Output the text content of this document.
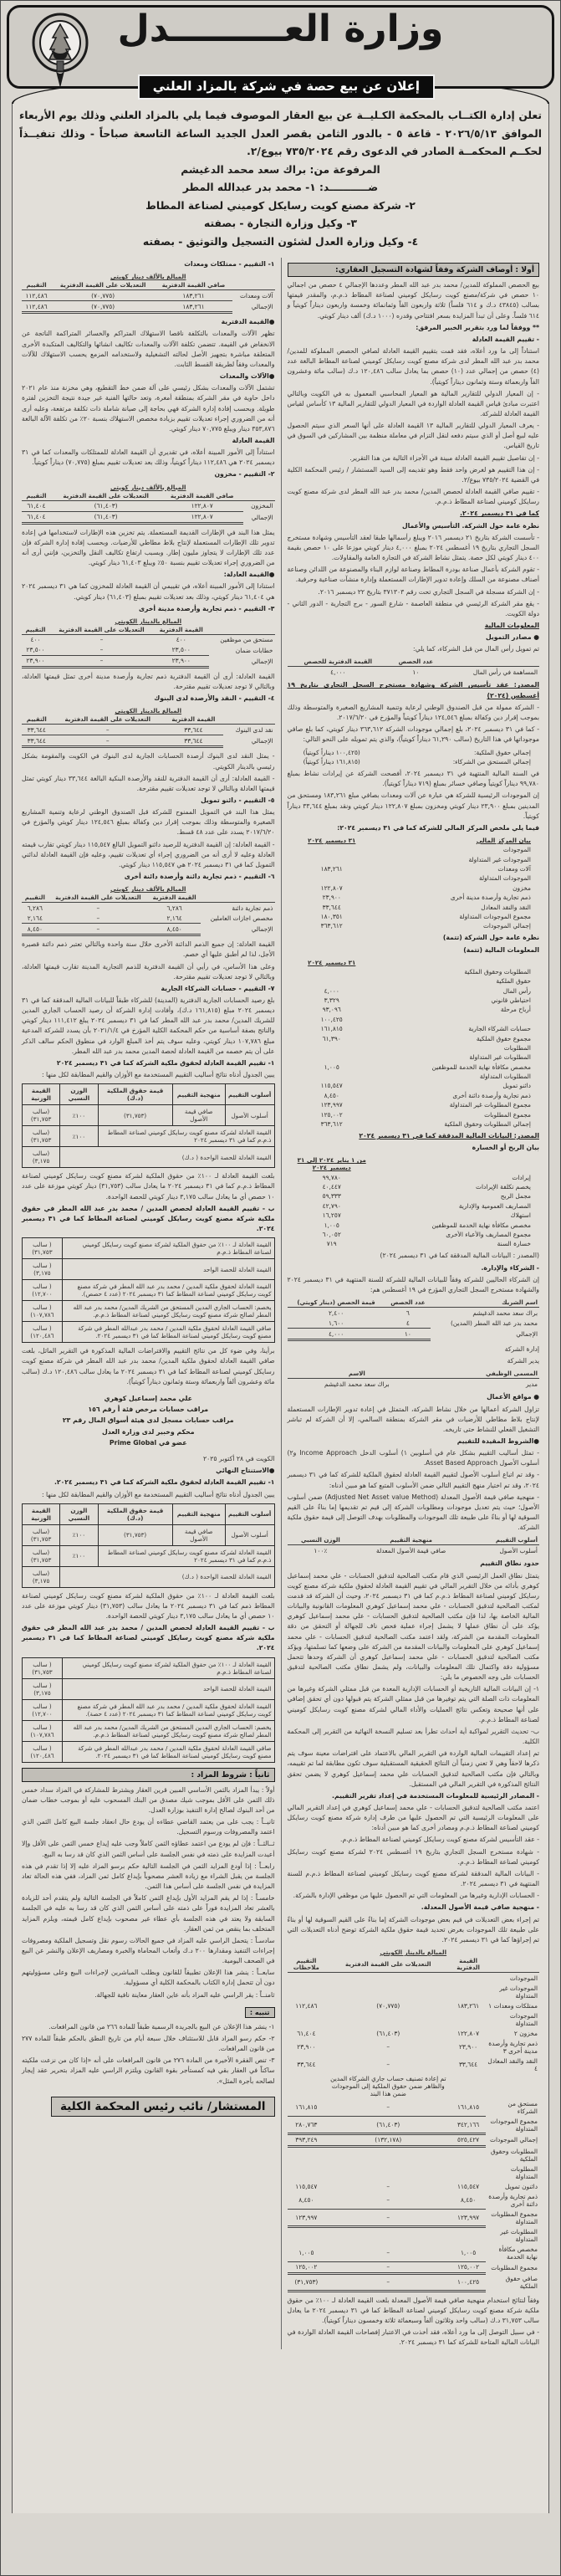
وزارة العـــــــــدل
إعلان عن بيع حصة في شركة بالمزاد العلني

تعلن إدارة الكتــاب بالمحكمة الكـليــة عن بيع العقار الموصوف فيما يلي بالمزاد العلني وذلك يوم الأربعاء الموافق ٢٠٢٦/٥/١٣ - قاعة ٥ - بالدور الثامن بقصر العدل الجديد الساعة التاسعة صباحاً - وذلك تنفيــذاً لحكــم المحكمــة الصادر في الدعوى رقم ٧٣٥/٢٠٢٤ بيوع/٢.

المرفوعة من: براك سعد محمد الدغيشم

ضـــــــــــد: ١- محمد بدر عبدالله المطر

٢- شركة مصنع كويت رسايكل كوميني لصناعة المطاط

٣- وكيل وزارة التجارة - بصفته

٤- وكيل وزارة العدل لشئون التسجيل والتوثيق - بصفته

أولا : أوصاف الشركة وفقاً لشهادة التسجيل العقاري:

بيع الحصص المملوكة للمدين/ محمد بدر عبد الله المطر وعددها الإجمالي ٤ حصص من اجمالي ١٠ حصص في شركة/مصنع كويت رسايكل كوميني لصناعة المطاط ذ.م.م، والمقدر قيمتها بسالب (٤٣٨٤٥ د.ك و ٦١٤ فلساً) ثلاثة واربعون الفاً وثمانمائة وخمسة واربعون ديناراً كويتياً و ٦١٤ فلساً. وعلى أن تبدأ المزايدة بسعر افتتاحي وقدره (١٠٠٠ د.ك) ألف دينار كويتي.

** ووفقاً لما ورد بتقرير الخبير المرفق:

- تقييم القيمة العادلة

استناداً إلى ما ورد أعلاه، فقد قمت بتقييم القيمة العادلة لصافي الحصص المملوكة للمدين/ محمد بدر عبد الله المطر لدى شركة مصنع كويت رسايكل كوميني لصناعة المطاط البالغة عدد (٤) حصص من إجمالي عدد (١٠) حصص بما يعادل سالب ١٢٠,٤٨٦ د.ك (سالب مائة وعشرون الفاً واربعمائة وستة وثمانون ديناراً كويتياً).

- إن المعيار الدولي للتقارير المالية هو المعيار المحاسبي المعمول به في الكويت وبالتالي اعتبرت مبادئ قياس القيمة العادلة الواردة في المعيار الدولي للتقارير المالية ١٣ كأساس لقياس القيمة العادلة للشركة.

- يعرف المعيار الدولي للتقارير المالية ١٣ القيمة العادلة على أنها السعر الذي سيتم الحصول عليه لبيع أصل أو الذي سيتم دفعه لنقل التزام في معاملة منظمة بين المشاركين في السوق في تاريخ القياس.

- إن تفاصيل تقييم القيمة العادلة مبينة في الأجزاء التالية من هذا التقرير.

- إن هذا التقييم هو لغرض واحد فقط وهو تقديمه إلى السيد المستشار / رئيس المحكمة الكلية في القضية ٧٣٥/٢٠٢٤ بيوع/٢.

- تقييم صافي القيمة العادلة لحصص المدين/ محمد بدر عبد الله المطر لدى شركة مصنع كويت رسايكل كوميني لصناعة المطاط ذ.م.م.

كما في ٣١ ديسمبر ٢٠٢٤.

نظرة عامة حول الشركة. التأسيس والأعمال

- تأسست الشركة بتاريخ ٢١ ديسمبر ٢٠١٦ ويبلغ رأسمالها طبقا لعقد التأسيس وشهادة مستخرج السجل التجاري بتاريخ ١٩ أغسطس ٢٠٢٤ بمبلغ ٤,٠٠٠ دينار كويتي موزعا على ١٠ حصص بقيمة ٤٠٠ دينار كويتي لكل حصة. يتمثل نشاط الشركة في التجارة العامة والمقاولات.

- تقوم الشركة بأعمال صناعة بودرة المطاط وصناعة لوازم البناء والمصنوعة من اللدائن وصناعة أصناف مصنوعة من السلك وإعادة تدوير الإطارات المستعملة وإدارة منشآت صناعية وحرفية.

- إن الشركة مسجلة في السجل التجاري تحت رقم ٣٧١٣٠٣ بتاريخ ٢٢ ديسمبر ٢٠١٦.

- يقع مقر الشركة الرئيسي في منطقة العاصمة - شارع السور - برج التجارية - الدور الثاني - دولة الكويت.

المعلومات المالية

● مصادر التمويل

تم تمويل رأس المال من قبل الشركاء، كما يلي:

	عدد الحصص	القيمة الدفترية للحصص
المساهمة في رأس المال	١٠	٤,٠٠٠

المصدر: عقد تأسيس الشركة وشهادة مستخرج السجل التجاري بتاريخ ١٩ أغسطس (٢٠٢٤)

- الشركة ممولة من قبل الصندوق الوطني لرعاية وتنمية المشاريع الصغيرة والمتوسطة وذلك بموجب إقرار دين وكفالة بمبلغ ١٢٤,٥٤٦ ديناراً كويتياً والمؤرخ في ٢٠١٧/٦/٢٠.

- كما في ٣١ ديسمبر ٢٠٢٤، بلغ إجمالي موجودات الشركة ٣٦٣,٦١٢ دينار كويتي، كما بلغ صافي موجوداتها في هذا التاريخ (سالب ٦١,٢٩٠ ديناراً كويتياً)، والذي يتم تمويله على النحو التالي:

إجمالي حقوق الملكية:	(١٠٠,٤٢٥ ديناراً كويتياً)
إجمالي المستحق من الشركاء:	(١٦١,٨١٥ ديناراً كويتياً)

في السنة المالية المنتهية في ٣١ ديسمبر ٢٠٢٤، أفصحت الشركة عن إيرادات نشاط بمبلغ ٩٩,٧٨٠ ديناراً كويتياً وصافي خسائر بمبلغ (٧١٩ ديناراً كويتياً).

إن الموجودات الرئيسية للشركة هي عبارة عن آلات ومعدات بصافي مبلغ ١٨٣,٢٦١ ومستحق من المدينين بمبلغ ٢٣,٩٠٠ دينار كويتي ومخزون بمبلغ ١٢٢,٨٠٧ دينار كويتي ونقد بمبلغ ٣٣,٦٤٤ ديناراً كويتياً.

فيما يلي ملخص المركز المالي للشركة كما في ٣١ ديسمبر ٢٠٢٤:

بيان المركز المالي	٣١ ديسمبر ٢٠٢٤
الموجودات	
الموجودات غير المتداولة	
آلات ومعدات	١٨٣,٢٦١
الموجودات المتداولة	
مخزون	١٢٢,٨٠٧
ذمم تجارية وأرصدة مدينة أخرى	٢٣,٩٠٠
النقد والنقد المعادل	٣٣,٦٤٤
مجموع الموجودات المتداولة	١٨٠,٣٥١
إجمالي الموجودات	٣٦٣,٦١٢

نظرة عامة حول الشركة (تتمة)

المعلومات المالية (تتمة)

	٣١ ديسمبر ٢٠٢٤
المطلوبات وحقوق الملكية	
حقوق الملكية	
رأس المال	٤,٠٠٠
احتياطي قانوني	٣,٣٢٩
أرباح مرحلة	٩٣,٠٩٦
	١٠٠,٤٢٥
حسابات الشركاء الجارية	١٦١,٨١٥
مجموع حقوق الملكية	٦١,٣٩٠
المطلوبات	
المطلوبات غير المتداولة	
مخصص مكافأة نهاية الخدمة للموظفين	١,٠٠٥
المطلوبات المتداولة	
دائنو تمويل	١١٥,٥٤٧
ذمم تجارية وأرصدة دائنة أخرى	٨,٤٥٠
مجموع المطلوبات غير المتداولة	١٢٣,٩٩٧
مجموع المطلوبات	١٢٥,٠٠٢
إجمالي المطلوبات وحقوق الملكية	٣٦٣,٦١٢

المصدر: البيانات المالية المدققة كما في ٣١ ديسمبر ٢٠٢٤

بيان الربح أو الخسارة

	من ١ يناير ٢٠٢٤ إلى ٣١ ديسمبر ٢٠٢٤
إيرادات	٩٩,٧٨٠
يخصم تكلفة الإيرادات	٤٠,٤٤٧
مجمل الربح	٥٩,٣٣٣
المصاريف العمومية والإدارية	٤٢,٧٩٠
استهلاك	١٦,٢٥٧
مخصص مكافأة نهاية الخدمة للموظفين	١,٠٠٥
مجموع المصاريف والأعباء الأخرى	٦٠,٠٥٢
خسارة السنة	٧١٩

(المصدر : البيانات المالية المدققة كما في ٣١ ديسمبر ٢٠٢٤)

- الشركاء والإدارة.

إن الشركاء الحاليين للشركة وفقاً للبيانات المالية للشركة للسنة المنتهية في ٣١ ديسمبر ٢٠٢٤ والشهادة مستخرج السجل التجاري المؤرخ في ١٩ أغسطس هم:

اسم الشريك	عدد الحصص	قيمة الحصص (دينار كويتي)
براك سعد محمد الدغيشم	٦	٢,٤٠٠
محمد بدر عبد الله المطر (المدين)	٤	١,٦٠٠
الإجمالي	١٠	٤,٠٠٠

إدارة الشركة

يدير الشركة

المسمى الوظيفي	الاسم
مدير	براك سعد محمد الدغيشم

● مواقع الأعمال

تزاول الشركة أعمالها من خلال نشاط الشركة، المتمثل في إعادة تدوير الإطارات المستعملة لإنتاج بلاط مطاطي للأرضيات في مقر الشركة بمنطقة السالمي، إلا أن الشركة لم تباشر التشغيل الفعلي للنشاط حتى تاريخه.

●الشروط المقيدة للتقييم

- تمثل أساليب التقييم بشكل عام في أسلوبين ١) أسلوب الدخل Income Approach و٢) أسلوب الأصول Asset Based Approach.

- وقد تم اتباع أسلوب الأصول لتقييم القيمة العادلة لحقوق الملكية للشركة كما في ٣١ ديسمبر ٢٠٢٤، وقد تم اختيار منهج التقييم التالي ضمن الأسلوب المتبع كما هو مبين أدناه:

- منهجية صافي قيمة الأصول المعدلة (Adjusted Net Asset value Method) ضمن أسلوب الأصول؛ حيث يتم تعديل موجودات ومطلوبات الشركة إلى قيم تم تقديمها إما بناءً على القيم السوقية لها أو بناءً على طبيعة تلك الموجودات والمطلوبات بهدف التوصل إلى قيمة حقوق ملكية الشركة.

أسلوب التقييم	منهجية التقييم	الوزن النسبي
أسلوب الأصول	صافي قيمة الأصول المعدلة	١٠٠٪

حدود نطاق التقييم

يتمثل نطاق العمل الرئيسي الذي قام مكتب الصالحية لتدقيق الحسابات - علي محمد إسماعيل كوهري بأدائه من خلال التقرير المالي في تقييم القيمة العادلة لحقوق ملكية شركة مصنع كويت رسايكل كوميني لصناعة المطاط ذ.م.م كما في ٣١ ديسمبر ٢٠٢٤، وحيث أن الشركة قد قدمت لمكتب الصالحية لتدقيق الحسابات - علي محمد إسماعيل كوهري المعلومات القانونية والبيانات المالية الخاصة بها، لذا فإن مكتب الصالحية لتدقيق الحسابات - علي محمد إسماعيل كوهري يؤكد على أن نطاق عملها لا يشمل إجراء عملية فحص ناف للجهالة أو التحقق من دقة المعلومات المقدمة من الشركة، ولقد اعتمد مكتب الصالحية لتدقيق الحسابات - علي محمد إسماعيل كوهري على المعلومات والبيانات المقدمة من الشركة على وضعها كما تسلمتها، ويؤكد مكتب الصالحية لتدقيق الحسابات - علي محمد إسماعيل كوهري أن الشركة وحدها تتحمل مسؤولية دقة واكتمال تلك المعلومات والبيانات، ولم يشمل نطاق مكتب الصالحية لتدقيق الحسابات على وجه الخصوص ما يلي:

١- إن البيانات المالية التاريخية أو الحسابات الإدارية المعدة من قبل ممثلي الشركة وغيرها من المعلومات ذات الصلة التي يتم توفيرها من قبل ممثلي الشركة يتم قبولها دون أي تحقق إضافي على أنها صحيحة وتعكس نتائج العمليات والأداء المالي لشركة مصنع كويت رسايكل كوميني لصناعة المطاط ذ.م.م.

ب- تحديث التقرير لمواكبة أية أحداث تطرأ بعد تسليم النسخة النهائية من التقرير إلى المحكمة الكلية.

تم إعداد التقييمات المالية الواردة في التقرير المالي بالاعتماد على افتراضات معينة سوف يتم ذكرها لاحقاً وهي لا تعني زمنياً أن النتائج الحقيقية المستقبلية سوف تكون مطابقة لما تم تقييمه، وبالتالي فإن مكتب الصالحية لتدقيق الحسابات علي محمد إسماعيل كوهري لا يضمن تحقق النتائج المذكورة في التقرير المالي في المستقبل.

- المصادر الرئيسية للمعلومات المستخدمة في إعداد تقرير التقييم.

اعتمد مكتب الصالحية لتدقيق الحسابات - علي محمد إسماعيل كوهري في إعداد التقرير المالي على المعلومات الرئيسية التي تم الحصول عليها من طرف إدارة شركة مصنع كويت رسايكل كوميني لصناعة المطاط ذ.م.م ومصادر أخرى كما هو مبين أدناه:

- عقد التأسيس لشركة مصنع كويت رسايكل كوميني لصناعة المطاط ذ.م.م.

- شهادة مستخرج السجل التجاري بتاريخ ١٩ أغسطس ٢٠٢٤ لشركة مصنع كويت رسايكل كوميني لصناعة المطاط ذ.م.م.

- البيانات المالية المدققة لشركة مصنع كويت رسايكل كوميني لصناعة المطاط ذ.م.م للسنة المنتهية في ٣١ ديسمبر ٢٠٢٤.

- الحسابات الإدارية وغيرها من المعلومات التي تم الحصول عليها من موظفي الإدارة بالشركة.

- منهجية صافي قيمة الأصول المعدلة.

تم إجراء بعض التعديلات في قيم بعض موجودات الشركة إما بناءً على القيم السوقية لها أو بناءً على طبيعة تلك الموجودات بغرض تحديد قيمة حقوق ملكية الشركة توضح أدناه التعديلات التي تم إجراؤها كما في ٣١ ديسمبر ٢٠٢٤.

المبالغ بالدينار الكويتي
	القيمة الدفترية	التعديلات على القيمة الدفترية	التقييم ملاحظات
الموجودات			
الموجودات غير المتداولة			
ممتلكات ومعدات ١	١٨٣,٢٦١	(٧٠,٧٧٥)	١١٢,٤٨٦
الموجودات المتداولة			
مخزون ٢	١٢٢,٨٠٧	(٦١,٤٠٣)	٦١,٤٠٤
ذمم تجارية وأرصدة مدينة أخرى ٣	٢٣,٩٠٠	–	٢٣,٩٠٠
النقد والنقد المعادل ٤	٣٣,٦٤٤	–	٣٣,٦٤٤
		تم إعادة تصنيف حساب جاري الشركاء المدين والظاهر ضمن حقوق الملكية إلى الموجودات ضمن هذا البند	
مستحق من الشركاء	١٦١,٨١٥	–	١٦١,٨١٥
مجموع الموجودات المتداولة	٣٤٢,١٦٦	(٦١,٤٠٣)	٢٨٠,٧٦٣
إجمالي الموجودات	٥٢٥,٤٢٧	(١٣٢,١٧٨)	٣٩٣,٢٤٩
المطلوبات وحقوق الملكية			
المطلوبات المتداولة			
دائنون تمويل	١١٥,٥٤٧	–	١١٥,٥٤٧
ذمم تجارية وأرصدة دائنة أخرى	٨,٤٥٠	–	٨,٤٥٠
مجموع المطلوبات المتداولة	١٢٣,٩٩٧	–	١٢٣,٩٩٧
المطلوبات غير المتداولة			
مخصص مكافأة نهاية الخدمة	١,٠٠٥	–	١,٠٠٥
مجموع المطلوبات	١٢٥,٠٠٢	–	١٢٥,٠٠٢
صافي حقوق الملكية	١٠٠,٤٢٥	–	(٣١,٧٥٣)

وفقاً لنتائج استخدام منهجية صافي قيمة الأصول المعدلة بلغت القيمة العادلة لـ ١٠٠٪ من حقوق ملكية شركة مصنع كويت رسايكل كوميني لصناعة المطاط كما في ٣١ ديسمبر ٢٠٢٤ ما يعادل سالب ٣١,٧٥٣ د.ك (سالب واحد وثلاثون ألفاً وسبعمائة ثلاثة وخمسون ديناراً كويتياً).

- في سبيل التوصل إلى ما ورد أعلاه، فقد أخذت في الاعتبار إفصاحات القيمة العادلة الواردة في البيانات المالية المتاحة للشركة كما ٣١ ديسمبر ٢٠٢٤.

١- التقييم - ممتلكات ومعدات

المبالغ بالألف دينار كويتي
	صافي القيمة الدفترية	التعديلات على القيمة الدفترية	التقييم
آلات ومعدات	١٨٣,٢٦١	(٧٠,٧٧٥)	١١٢,٤٨٦
الإجمالي	١٨٣,٢٦١	(٧٠,٧٧٥)	١١٢,٤٨٦

●القيمة الدفترية

تظهر الآلات والمعدات بالتكلفة ناقصا الاستهلاك المتراكم والخسائر المتراكمة الناتجة عن الانخفاض في القيمة. تتضمن تكلفة الآلات والمعدات تكاليف انشائها والتكاليف المتكبدة الأخرى المتعلقة مباشرة بتجهيز الأصل لحالته التشغيلية ولاستخدامه المزمع يحسب الاستهلاك للآلات والمعدات وفقاً لطريقة القسط الثابت.

●الآلات والمعدات

تشتمل الآلات والمعدات بشكل رئيسي على آلة ضمن خط التقطيع، وهي مخزنة منذ عام ٢٠٢١ داخل حاوية في مقر الشركة بمنطقة أمغرة، وتعد حالتها الفنية غير جيدة نتيجة التخزين لفترة طويلة. وبحسب إفادة إدارة الشركة فهي بحاجة إلى صيانة شاملة ذات تكلفة مرتفعة، وعليه أرى أنه من الضروري إجراء تعديلات تقييم بزيادة مخصص الاستهلاك بنسبة ٢٠٪ من تكلفة الآلة البالغة ٣٥٣,٨٧٦ دينار ويبلغ ٧٠,٧٧٥ دينار كويتي.

القيمة العادلة

استناداً إلى الأمور المبينة أعلاه، في تقديري أن القيمة العادلة للممتلكات والمعدات كما في ٣١ ديسمبر ٢٠٢٤ هي ١١٢,٤٨٦ ديناراً كويتياً، وذلك بعد تعديلات تقييم بمبلغ (٧٠,٧٧٥) ديناراً كويتياً.

٢- التقييم - مخزون

المبالغ بالألف دينار كويتي
	صافي القيمة الدفترية	التعديلات على القيمة الدفترية	التقييم
المخزون	١٢٢,٨٠٧	(٦١,٤٠٣)	٦١,٤٠٤
الإجمالي	١٢٢,٨٠٧	(٦١,٤٠٣)	٦١,٤٠٤

يمثل هذا البند في الإطارات القديمة المستعملة. يتم تخزين هذه الإطارات لاستخدامها في إعادة تدوير تلك الإطارات المستعملة لإنتاج بلاط مطاطي للأرضيات. وبحسب إفادة إدارة الشركة فإن عدد تلك الإطارات لا يتجاوز مليون إطار. وبسبب ارتفاع تكاليف النقل والتخزين، فإنني أرى أنه من الضروري إجراء تعديلات تقييم بنسبة ٥٠٪ ويبلغ ٦١,٤٠٣ دينار كويتي.

●القيمة العادلة:

استنادا إلى الأمور المبينة أعلاه، في تقييمي أن القيمة العادلة للمخزون كما هي ٣١ ديسمبر ٢٠٢٤ هي ٦١,٤٠٤ دينار كويتي، وذلك بعد تعديلات تقييم بمبلغ (٦١,٤٠٣) دينار كويتي.

٣- التقييم - ذمم تجارية وأرصدة مدينة أخرى

المبالغ بالدينار الكويتي
	القيمة الدفترية	التعديلات على القيمة الدفترية	التقييم
مستحق من موظفين	٤٠٠	–	٤٠٠
خطابات ضمان	٢٣,٥٠٠	–	٢٣,٥٠٠
الإجمالي	٢٣,٩٠٠	–	٢٣,٩٠٠

القيمة العادلة: أرى أن القيمة الدفترية ذمم تجارية وأرصدة مدينة أخرى تمثل قيمتها العادلة، وبالتالي لا توجد تعديلات تقييم مقترحة.

٤- التقييم - النقد والأرصدة لدى البنوك

المبالغ بالدينار الكويتي
	القيمة الدفترية	التعديلات على القيمة الدفترية	التقييم
نقد لدى البنوك	٣٣,٦٤٤	–	٣٣,٦٤٤
الإجمالي	٣٣,٦٤٤	–	٣٣,٦٤٤

- يمثل النقد لدى البنوك أرصدة الحسابات الجارية لدى البنوك في الكويت والمقومة بشكل رئيسي بالدينار الكويتي.

- القيمة العادلة: أرى أن القيمة الدفترية للنقد والأرصدة البنكية البالغة ٣٣,٦٤٤ دينار كويتي تمثل قيمتها العادلة وبالتالي لا توجد تعديلات تقييم مقترحة.

٥- التقييم - دائنو تمويل

يمثل هذا البند في التمويل الممنوح للشركة قبل الصندوق الوطني لرعاية وتنمية المشاريع الصغيرة والمتوسطة وذلك بموجب إقرار دين وكفالة بمبلغ ١٢٤,٥٤٦ دينار كويتي والمؤرخ في ٢٠١٧/٦/٢٠ يسدد على عدد ٤٨ قسط.

- القيمة العادلة: إن القيمة الدفترية للرصيد دائنو التمويل البالغ ١١٥,٥٤٧ دينار كويتي تقارب قيمته العادلة وعليه لا أرى أنه من الضروري إجراء أي تعديلات تقييم، وعليه فإن القيمة العادلة لدائني التمويل كما في ٣١ ديسمبر ٢٠٢٤ هي ١١٥,٥٤٧ دينار كويتي.

٦- التقييم - ذمم تجارية دائنة وأرصدة دائنة أخرى

المبالغ بالألف دينار كويتي
	القيمة الدفترية	التعديلات على القيمة الدفترية	التقييم
ذمم تجارية دائنة	٦,٢٨٦	–	٦,٢٨٦
مخصص اجازات العاملين	٢,١٦٤	–	٢,١٦٤
الإجمالي	٨,٤٥٠	–	٨,٤٥٠

القيمة العادلة: إن جميع الذمم الدائنة الأخرى خلال سنة واحدة وبالتالي تعتبر ذمم دائنة قصيرة الأجل، لذا لم أطبق عليها أي خصم.

وعلى هذا الأساس، في رأيي أن القيمة الدفترية للذمم التجارية المدينة تقارب قيمتها العادلة، وبالتالي لا توجد تعديلات تقييم مقترحة.

٧- التقييم - حسابات الشركاء الجارية

بلغ رصيد الحسابات الجارية الدفترية (المدينة) للشركاء طبقاً للبيانات المالية المدققة كما في ٣١ ديسمبر ٢٠٢٤ مبلغ (١٦١,٨١٥ د.ك)، وأفادت إدارة الشركة أن رصيد الحساب الجاري المدين للشريك المدين/ محمد بدر عبد الله المطر كما في ٣١ ديسمبر ٢٠٢٤ يبلغ ١١١,٤١٢ دينار كويتي والناتج بصفة أساسية من حكم المحكمة الكلية المؤرخ في ٢٠٢١/١/٤ بأن يسدد للشركة المدعية مبلغ ١٠٧,٧٨٦ دينار كويتي، وعليه سوف يتم أخذ المبلغ الوارد في منطوق الحكم سالف الذكر على أن يتم خصمه من القيمة العادلة لحصة المدين محمد بدر عبد الله المطر.

١- تقييم القيمة العادلة لحقوق ملكية الشركة كما في ٣١ ديسمبر ٢٠٢٤

يبين الجدول أدناه نتائج أساليب التقييم المستخدمة مع الأوزان والقيم المطابقة لكل منها :

أسلوب التقييم	منهجية التقييم	قيمة حقوق الملكية (د.ك)	الوزن النسبي	القيمة الوزنية
أسلوب الأصول	صافي قيمة الأصول	(٣١,٧٥٣)	١٠٠٪	(سالب ٣١,٧٥٣)
القيمة العادلة لشركة مصنع كويت رسايكل كوميني لصناعة المطاط ذ.م.م كما في ٣١ ديسمبر ٢٠٢٤			١٠٠٪	(سالب ٣١,٧٥٣)
القيمة العادلة للحصة الواحدة ( د.ك)				(سالب ٣,١٧٥)

بلغت القيمة العادلة لـ ١٠٠٪ من حقوق الملكية لشركة مصنع كويت رسايكل كوميني لصناعة المطاط ذ.م.م كما في ٣١ ديسمبر ٢٠٢٤ ما يعادل سالب (٣١,٧٥٣) دينار كويتي موزعة على عدد ١٠ حصص أي ما يعادل سالب ٣,١٧٥ دينار كويتي للحصة الواحدة.

ب - تقييم القيمة العادلة لحصص المدين / محمد بدر عبد الله المطر في حقوق ملكية شركة مصنع كويت رسايكل كوميني لصناعة المطاط كما في ٣١ ديسمبر ٢٠٢٤.

القيمة العادلة لـ ١٠٠٪ من حقوق الملكية لشركة مصنع كويت رسايكل كوميني لصناعة المطاط ذ.م.م	( سالب ٣١,٧٥٣)
القيمة العادلة للحصة الواحد	( سالب ٣,١٧٥)
القيمة العادلة لحقوق ملكية المدين / محمد بدر عبد الله المطر في شركة مصنع كويت رسايكل كوميني لصناعة المطاط كما ٣١ ديسمبر ٢٠٢٤ (عدد ٤ حصص).	( سالب ١٢,٧٠٠)
يخصم: الحساب الجاري المدين المستحق من الشريك المدين/ محمد بدر عبد الله المطر لصالح شركة مصنع كويت رسايكل كوميني لصناعة المطاط ذ.م.م.	( سالب ١٠٧,٧٨٦)
صافي القيمة العادلة لحقوق ملكية المدين / محمد بدر عبدالله المطر في شركة مصنع كويت رسايكل كوميني لصناعة المطاط كما في ٣١ ديسمبر ٢٠٢٤.	( سالب ١٢٠,٤٨٦)

برأينا، وفي ضوء كل من نتائج التقييم والافتراضات المالية المذكورة في التقرير الماثل، بلغت صافي القيمة العادلة لحقوق ملكية المدين/ محمد بدر عبد الله المطر في شركة مصنع كويت رسايكل كوميني لصناعة المطاط كما في ٣١ ديسمبر ٢٠٢٤ ما يعادل سالب ١٢٠,٤٨٦ د.ك (سالب مائة وعشرون ألفاً واربعمائة وستة وثمانون ديناراً كويتياً).

علي محمد إسماعيل كوهري
مراقب حسابات مرخص فئة أ رقم ١٥٦
مراقب حسابات مسجل لدى هيئة أسواق المال رقم ٢٣
محكم وخبير لدى وزارة العدل
عضو في Prime Global

الكويت في ٢٨ أكتوبر ٢٠٢٥

●الاستنتاج النهائي

١- تقييم القيمة العادلة لحقوق ملكية الشركة كما في ٣١ ديسمبر ٢٠٢٤.

يبين الجدول أدناه نتائج أساليب التقييم المستخدمة مع الأوزان والقيم المطابقة لكل منها :

أسلوب التقييم	منهجية التقييم	قيمة حقوق الملكية (د.ك)	الوزن النسبي	القيمة الوزنية
أسلوب الأصول	صافي قيمة الأصول	(٣١,٧٥٣)	١٠٠٪	(سالب ٣١,٧٥٣)
القيمة العادلة لشركة مصنع كويت رسايكل كوميني لصناعة المطاط ذ.م.م كما في ٣١ ديسمبر ٢٠٢٤			١٠٠٪	(سالب ٣١,٧٥٣)
القيمة العادلة للحصة الواحدة ( د.ك)				(سالب ٣,١٧٥)

بلغت القيمة العادلة لـ ١٠٠٪ من حقوق الملكية لشركة مصنع كويت رسايكل كوميني لصناعة المطاط ذمم كما في ٣١ ديسمبر ٢٠٢٤ ما يعادل سالب (٣١,٧٥٣) دينار كويتي موزعة على عدد ١٠ حصص أي ما يعادل سالب ٣,١٧٥ دينار كويتي للحصة الواحدة.

ب - تقييم القيمة العادلة لحصص المدين / محمد بدر عبد الله المطر في حقوق ملكية شركة مصنع كويت رسايكل كوميني لصناعة المطاط كما في ٣١ ديسمبر ٢٠٢٤.

القيمة العادلة لـ ١٠٠٪ من حقوق الملكية لشركة مصنع كويت رسايكل كوميني لصناعة المطاط ذ.م.م	( سالب ٣١,٧٥٣)
القيمة العادلة للحصة الواحد	( سالب ٣,١٧٥)
القيمة العادلة لحقوق ملكية المدين / محمد بدر عبد الله المطر في شركة مصنع كويت رسايكل كوميني لصناعة المطاط كما ٣١ ديسمبر ٢٠٢٤ (عدد ٤ حصة).	( سالب ١٢,٧٠٠)
يخصم: الحساب الجاري المدين المستحق من الشريك المدين/ محمد بدر عبد الله المطر لصالح شركة مصنع كويت رسايكل كوميني لصناعة المطاط ذ.م.م.	( سالب ١٠٧,٧٨٦)
صافي القيمة العادلة لحقوق ملكية المدين / محمد بدر عبدالله المطر في شركة مصنع كويت رسايكل كوميني لصناعة المطاط كما في ٣١ ديسمبر ٢٠٢٤.	( سالب ١٢٠,٤٨٦)
ثانياً : شروط المزاد :

أولاً : يبدأ المزاد بالثمن الأساسي المبين قرين العقار ويشترط للمشاركة في المزاد سداد خمس ذلك الثمن على الأقل بموجب شيك مصدق من البنك المسحوب عليه أو بموجب خطاب ضمان من أحد البنوك لصالح إدارة التنفيذ بوزارة العدل.

ثانيــاً : يجب على من يعتمد القاضي عطاءه أن يودع حال انعقاد جلسة البيع كامل الثمن الذي اعتمد والمصروفات ورسوم التسجيل.

ثــالثــاً : فإن لم يودع من اعتمد عطاؤه الثمن كاملاً وجب عليه إيداع خمس الثمن على الأقل وإلا أعيدت المزايدة على ذمته في نفس الجلسة على أساس الثمن الذي كان قد رسا به البيع.

رابعــاً : إذا أودع المزايد الثمن في الجلسة التالية حكم برسو المزاد عليه إلا إذا تقدم في هذه الجلسة من يقبل الشراء مع زيادة العشر مصحوباً بإيداع كامل ثمن المزاد، ففي هذه الحالة تعاد المزايدة في نفس الجلسة على أساس هذا الثمن.

خامسـاً : إذا لم يقم المزايد الأول بإيداع الثمن كاملاً في الجلسة التالية ولم يتقدم أحد للزيادة بالعشر تعاد المزايدة فوراً على ذمته على أساس الثمن الذي كان قد رسا به عليه في الجلسة السابقة ولا يعتد في هذه الجلسة بأي عطاء غير مصحوب بإيداع كامل قيمته، ويلزم المزايد المتخلف بما ينقص من ثمن العقار.

سادسـاً : يتحمل الراسي عليه المزاد في جميع الحالات رسوم نقل وتسجيل الملكية ومصروفات إجراءات التنفيذ ومقدارها ٢٠٠ د.ك وأتعاب المحاماة والخبرة ومصاريف الإعلان والنشر عن البيع في الصحف اليومية.

سابعــاً : ينشر هذا الإعلان تطبيقاً للقانون وبطلب المباشرين لإجراءات البيع وعلى مسؤوليتهم دون أن تتحمل إدارة الكتاب بالمحكمة الكلية أي مسؤولية.

ثامنــاً : يقر الراسي عليه المزاد بأنه عاين العقار معاينة نافية للجهالة.

تنبيه :

١- ينشر هذا الإعلان عن البيع بالجريدة الرسمية طبقاً للمادة ٢٦٦ من قانون المرافعات.

٢- حكم رسو المزاد قابل للاستئناف خلال سبعة أيام من تاريخ النطق بالحكم طبقاً للمادة ٢٧٧ من قانون المرافعات.

٣- تنص الفقرة الأخيرة من المادة ٢٧٦ من قانون المرافعات على أنه «إذا كان من نزعت ملكيته ساكناً في العقار بقي فيه كمستأجر بقوة القانون ويلتزم الراسي عليه المزاد بتحرير عقد إيجار لصالحه بأجرة المثل».

المستشار/ نائب رئيس المحكمة الكلية
